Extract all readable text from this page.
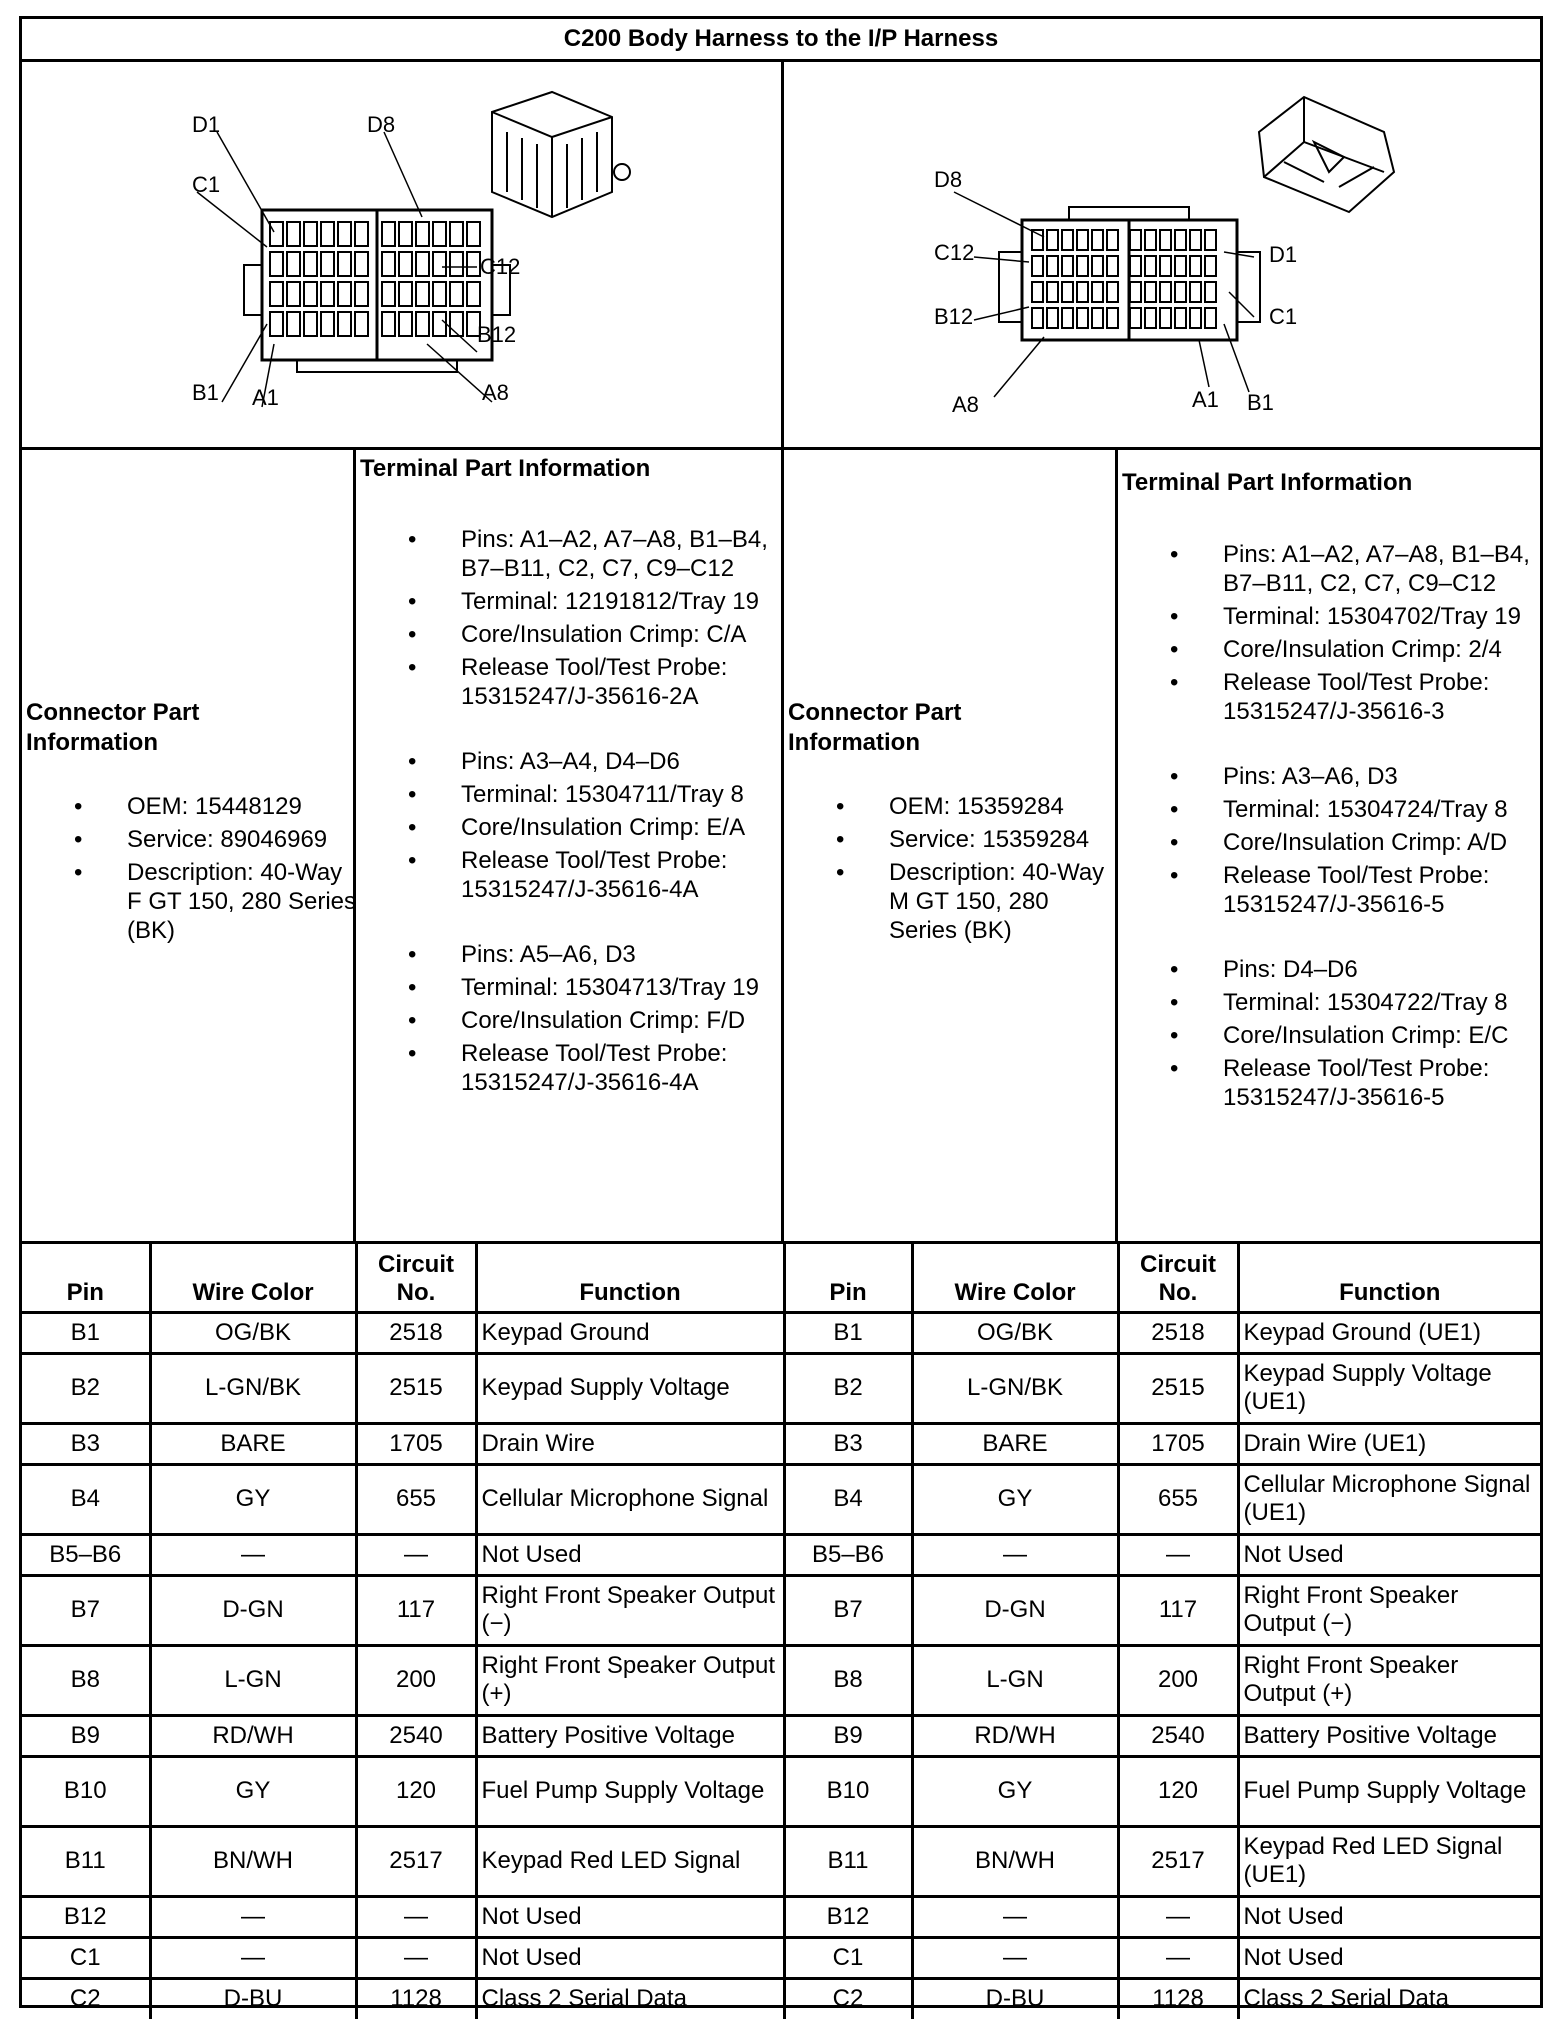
C200 Body Harness to the I/P Harness
D1	D8
C1
C12
B12
B1 A1	A8
D8
C12
B12
A8
D1
C1
A1 B1
Connector Part
Information
• OEM: 15448129
• Service: 89046969
• Description: 40-Way F GT 150, 280 Series (BK)
Terminal Part Information
• Pins: A1–A2, A7–A8, B1–B4, B7–B11, C2, C7, C9–C12
• Terminal: 12191812/Tray 19
• Core/Insulation Crimp: C/A
• Release Tool/Test Probe: 15315247/J-35616-2A
• Pins: A3–A4, D4–D6
• Terminal: 15304711/Tray 8
• Core/Insulation Crimp: E/A
• Release Tool/Test Probe: 15315247/J-35616-4A
• Pins: A5–A6, D3
• Terminal: 15304713/Tray 19
• Core/Insulation Crimp: F/D
• Release Tool/Test Probe: 15315247/J-35616-4A
Connector Part
Information
• OEM: 15359284
• Service: 15359284
• Description: 40-Way M GT 150, 280 Series (BK)
Terminal Part Information
• Pins: A1–A2, A7–A8, B1–B4, B7–B11, C2, C7, C9–C12
• Terminal: 15304702/Tray 19
• Core/Insulation Crimp: 2/4
• Release Tool/Test Probe: 15315247/J-35616-3
• Pins: A3–A6, D3
• Terminal: 15304724/Tray 8
• Core/Insulation Crimp: A/D
• Release Tool/Test Probe: 15315247/J-35616-5
• Pins: D4–D6
• Terminal: 15304722/Tray 8
• Core/Insulation Crimp: E/C
• Release Tool/Test Probe: 15315247/J-35616-5
Pin	Wire Color	Circuit No.	Function	Pin	Wire Color	Circuit No.	Function
B1	OG/BK	2518	Keypad Ground	B1	OG/BK	2518	Keypad Ground (UE1)
B2	L-GN/BK	2515	Keypad Supply Voltage	B2	L-GN/BK	2515	Keypad Supply Voltage (UE1)
B3	BARE	1705	Drain Wire	B3	BARE	1705	Drain Wire (UE1)
B4	GY	655	Cellular Microphone Signal	B4	GY	655	Cellular Microphone Signal (UE1)
B5–B6	—	—	Not Used	B5–B6	—	—	Not Used
B7	D-GN	117	Right Front Speaker Output (−)	B7	D-GN	117	Right Front Speaker Output (−)
B8	L-GN	200	Right Front Speaker Output (+)	B8	L-GN	200	Right Front Speaker Output (+)
B9	RD/WH	2540	Battery Positive Voltage	B9	RD/WH	2540	Battery Positive Voltage
B10	GY	120	Fuel Pump Supply Voltage	B10	GY	120	Fuel Pump Supply Voltage
B11	BN/WH	2517	Keypad Red LED Signal	B11	BN/WH	2517	Keypad Red LED Signal (UE1)
B12	—	—	Not Used	B12	—	—	Not Used
C1	—	—	Not Used	C1	—	—	Not Used
C2	D-BU	1128	Class 2 Serial Data	C2	D-BU	1128	Class 2 Serial Data
